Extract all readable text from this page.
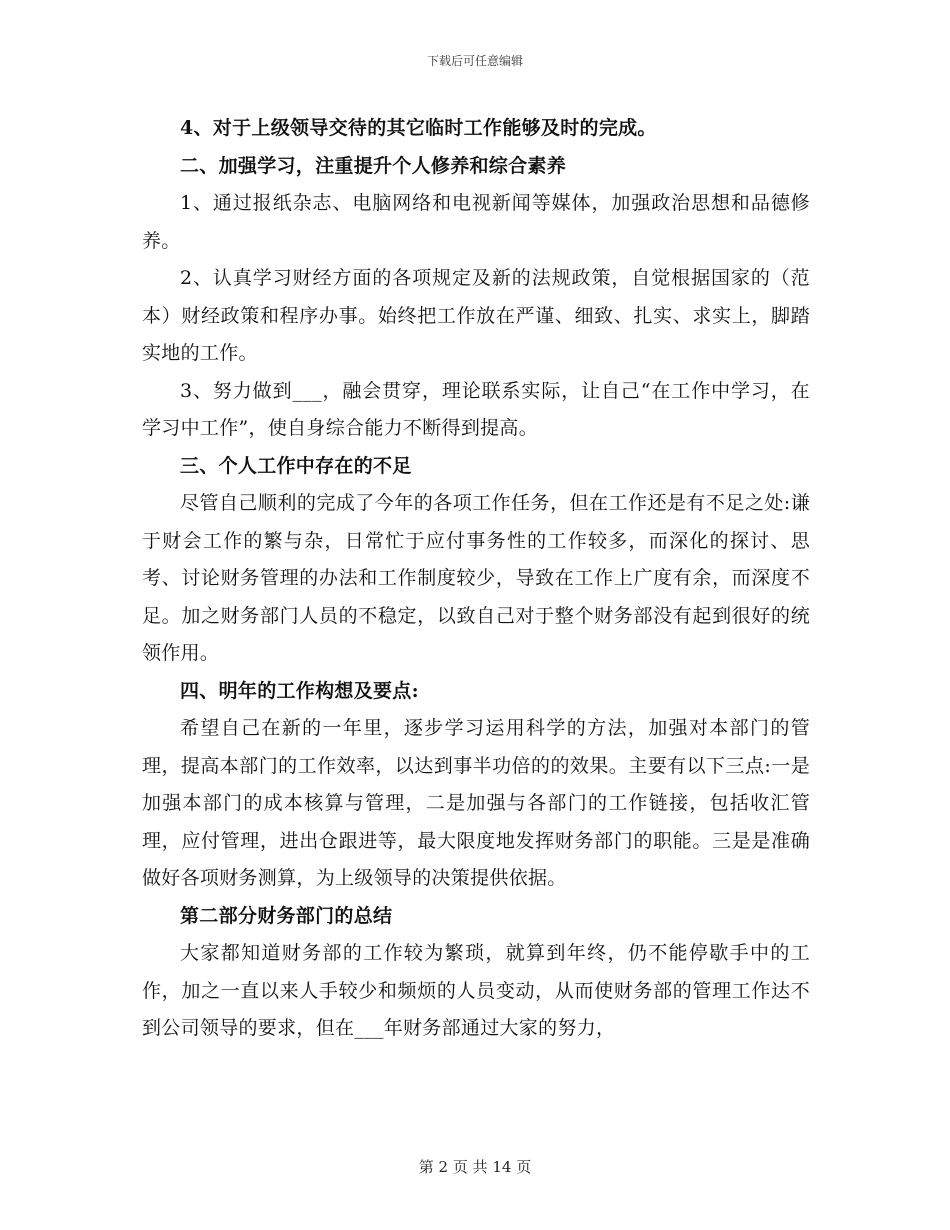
下载后可任意编辑

4、对于上级领导交待的其它临时工作能够及时的完成。

二、加强学习，注重提升个人修养和综合素养

1、通过报纸杂志、电脑网络和电视新闻等媒体，加强政治思想和品德修养。

2、认真学习财经方面的各项规定及新的法规政策，自觉根据国家的（范本）财经政策和程序办事。始终把工作放在严谨、细致、扎实、求实上，脚踏实地的工作。

3、努力做到___，融会贯穿，理论联系实际，让自己“在工作中学习，在学习中工作”，使自身综合能力不断得到提高。

三、个人工作中存在的不足

尽管自己顺利的完成了今年的各项工作任务，但在工作还是有不足之处:谦于财会工作的繁与杂，日常忙于应付事务性的工作较多，而深化的探讨、思考、讨论财务管理的办法和工作制度较少，导致在工作上广度有余，而深度不足。加之财务部门人员的不稳定，以致自己对于整个财务部没有起到很好的统领作用。

四、明年的工作构想及要点:

希望自己在新的一年里，逐步学习运用科学的方法，加强对本部门的管理，提高本部门的工作效率，以达到事半功倍的的效果。主要有以下三点:一是加强本部门的成本核算与管理，二是加强与各部门的工作链接，包括收汇管理，应付管理，进出仓跟进等，最大限度地发挥财务部门的职能。三是是准确做好各项财务测算，为上级领导的决策提供依据。

第二部分财务部门的总结

大家都知道财务部的工作较为繁琐，就算到年终，仍不能停歇手中的工作，加之一直以来人手较少和频烦的人员变动，从而使财务部的管理工作达不到公司领导的要求，但在___年财务部通过大家的努力，

第 2 页 共 14 页
